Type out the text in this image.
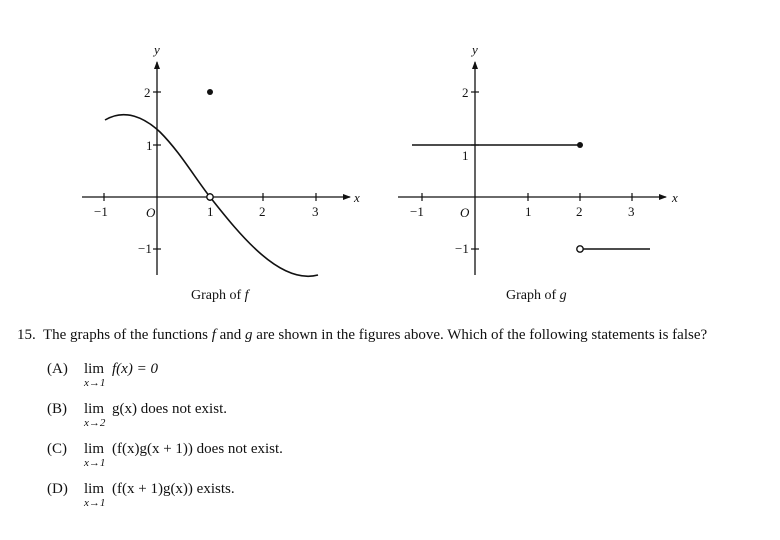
y
x
O
−1	1	2	3
2
1
−1
y
x
O
−1	1	2	3
2
1
−1
Graph of f	Graph of g
15. The graphs of the functions f and g are shown in the figures above. Which of the following statements is false?
(A) lim f(x) = 0
x→1
(B) lim g(x) does not exist.
x→2
(C) lim (f(x)g(x + 1)) does not exist.
x→1
(D) lim (f(x + 1)g(x)) exists.
x→1
